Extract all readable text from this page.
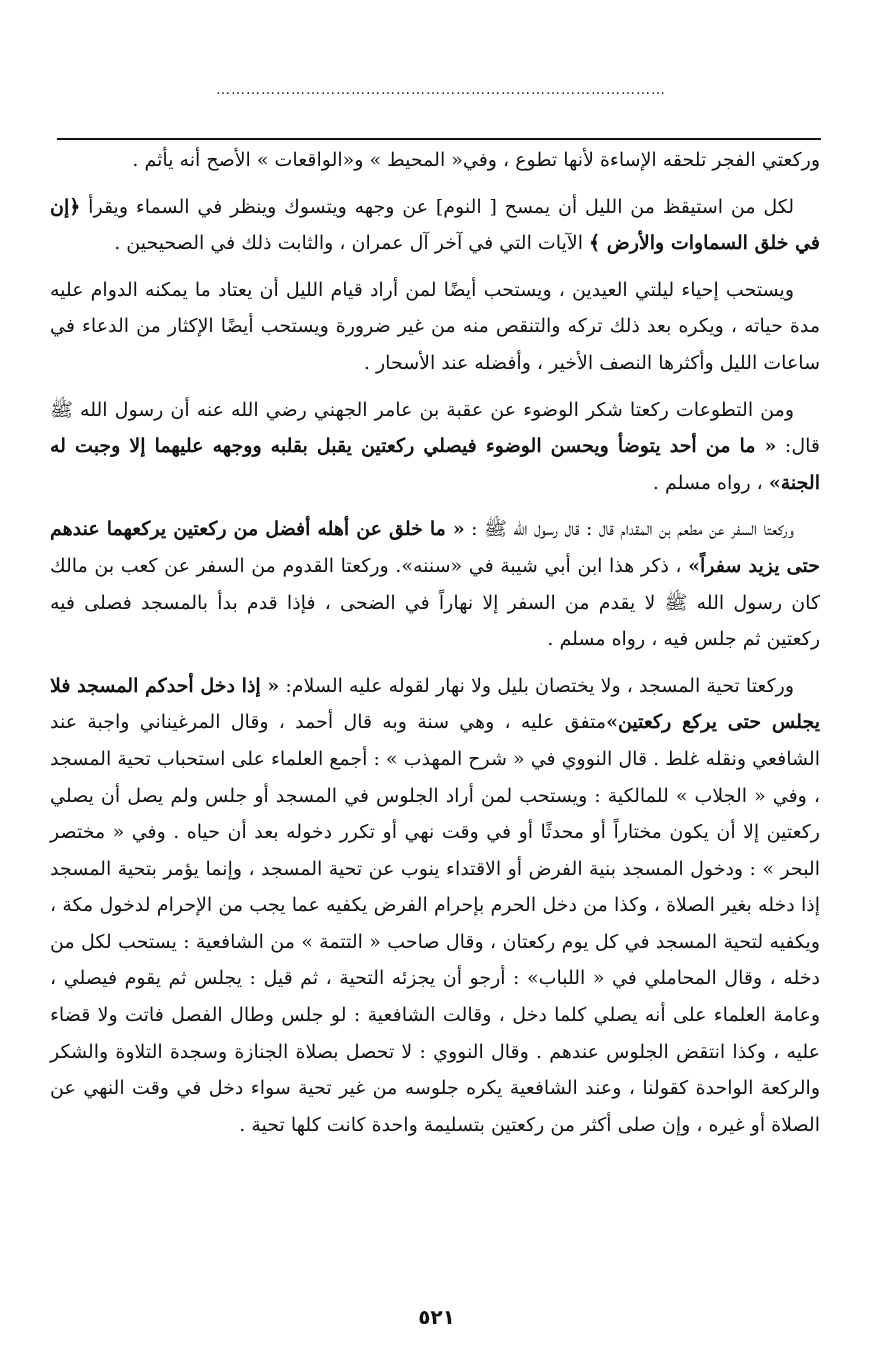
………………………………………………………………………………

وركعتي الفجر تلحقه الإساءة لأنها تطوع ، وفي« المحيط » و«الواقعات » الأصح أنه يأثم .

لكل من استيقظ من الليل أن يمسح [ النوم] عن وجهه ويتسوك وينظر في السماء ويقرأ ﴿إن في خلق السماوات والأرض ﴾ الآيات التي في آخر آل عمران ، والثابت ذلك في الصحيحين .

ويستحب إحياء ليلتي العيدين ، ويستحب أيضًا لمن أراد قيام الليل أن يعتاد ما يمكنه الدوام عليه مدة حياته ، ويكره بعد ذلك تركه والتنقص منه من غير ضرورة ويستحب أيضًا الإكثار من الدعاء في ساعات الليل وأكثرها النصف الأخير ، وأفضله عند الأسحار .

ومن التطوعات ركعتا شكر الوضوء عن عقبة بن عامر الجهني رضي الله عنه أن رسول الله ﷺ قال: « ما من أحد يتوضأ ويحسن الوضوء فيصلي ركعتين يقبل بقلبه ووجهه عليهما إلا وجبت له الجنة» ، رواه مسلم .

وركعتا السفر عن مطعم بن المقدام قال : قال رسول الله ﷺ : « ما خلق عن أهله أفضل من ركعتين يركعهما عندهم حتى يزيد سفراً» ، ذكر هذا ابن أبي شيبة في «سننه». وركعتا القدوم من السفر عن كعب بن مالك كان رسول الله ﷺ لا يقدم من السفر إلا نهاراً في الضحى ، فإذا قدم بدأ بالمسجد فصلى فيه ركعتين ثم جلس فيه ، رواه مسلم .

وركعتا تحية المسجد ، ولا يختصان بليل ولا نهار لقوله عليه السلام: « إذا دخل أحدكم المسجد فلا يجلس حتى يركع ركعتين»متفق عليه ، وهي سنة وبه قال أحمد ، وقال المرغيناني واجبة عند الشافعي ونقله غلط . قال النووي في « شرح المهذب » : أجمع العلماء على استحباب تحية المسجد ، وفي « الجلاب » للمالكية : ويستحب لمن أراد الجلوس في المسجد أو جلس ولم يصل أن يصلي ركعتين إلا أن يكون مختاراً أو محدثًا أو في وقت نهي أو تكرر دخوله بعد أن حياه . وفي « مختصر البحر » : ودخول المسجد بنية الفرض أو الاقتداء ينوب عن تحية المسجد ، وإنما يؤمر بتحية المسجد إذا دخله بغير الصلاة ، وكذا من دخل الحرم بإحرام الفرض يكفيه عما يجب من الإحرام لدخول مكة ، ويكفيه لتحية المسجد في كل يوم ركعتان ، وقال صاحب « التتمة » من الشافعية : يستحب لكل من دخله ، وقال المحاملي في « اللباب» : أرجو أن يجزئه التحية ، ثم قيل : يجلس ثم يقوم فيصلي ، وعامة العلماء على أنه يصلي كلما دخل ، وقالت الشافعية : لو جلس وطال الفصل فاتت ولا قضاء عليه ، وكذا انتقض الجلوس عندهم . وقال النووي : لا تحصل بصلاة الجنازة وسجدة التلاوة والشكر والركعة الواحدة كقولنا ، وعند الشافعية يكره جلوسه من غير تحية سواء دخل في وقت النهي عن الصلاة أو غيره ، وإن صلى أكثر من ركعتين بتسليمة واحدة كانت كلها تحية .

٥٢١
